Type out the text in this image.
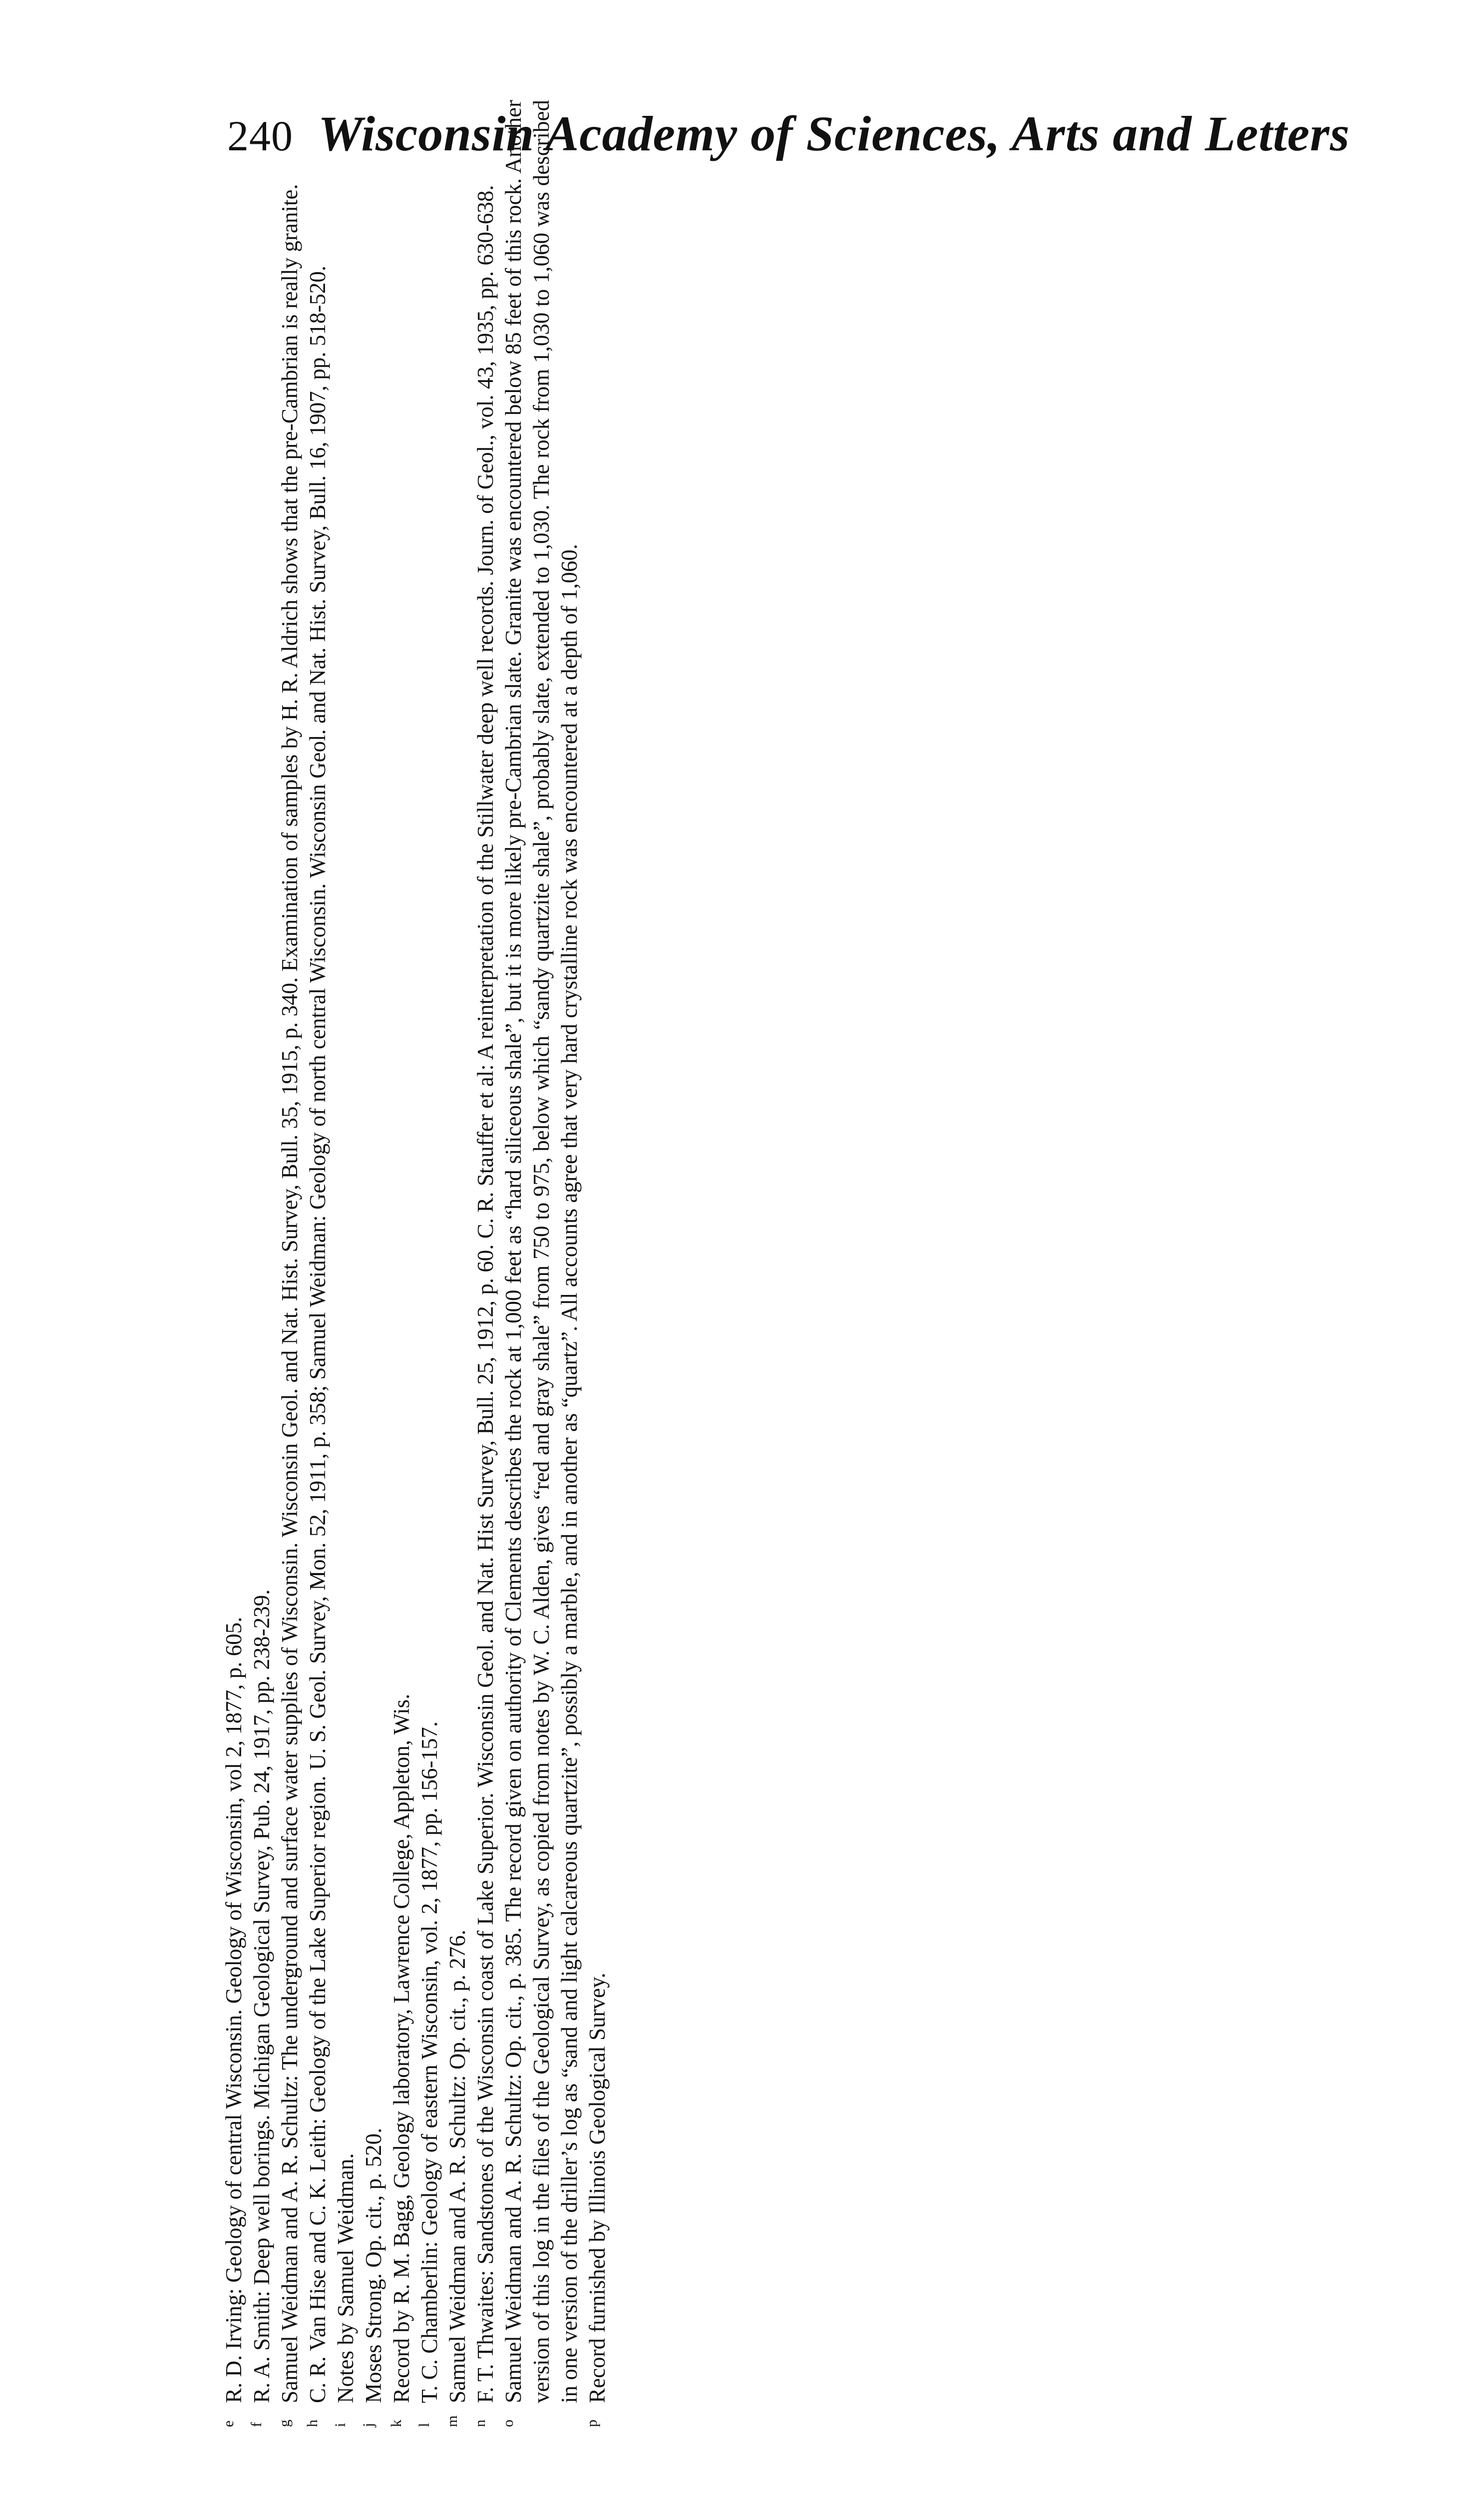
240 Wisconsin Academy of Sciences, Arts and Letters

eR. D. Irving: Geology of central Wisconsin. Geology of Wisconsin, vol 2, 1877, p. 605.

fR. A. Smith: Deep well borings. Michigan Geological Survey, Pub. 24, 1917, pp. 238-239.

gSamuel Weidman and A. R. Schultz: The underground and surface water supplies of Wisconsin. Wisconsin Geol. and Nat. Hist. Survey, Bull. 35, 1915, p. 340. Examination of samples by H. R. Aldrich shows that the pre-Cambrian is really granite.

hC. R. Van Hise and C. K. Leith: Geology of the Lake Superior region. U. S. Geol. Survey, Mon. 52, 1911, p. 358; Samuel Weidman: Geology of north central Wisconsin. Wisconsin Geol. and Nat. Hist. Survey, Bull. 16, 1907, pp. 518-520.

iNotes by Samuel Weidman.

jMoses Strong. Op. cit., p. 520.

kRecord by R. M. Bagg, Geology laboratory, Lawrence College, Appleton, Wis.

lT. C. Chamberlin: Geology of eastern Wisconsin, vol. 2, 1877, pp. 156-157.

mSamuel Weidman and A. R. Schultz: Op. cit., p. 276.

nF. T. Thwaites: Sandstones of the Wisconsin coast of Lake Superior. Wisconsin Geol. and Nat. Hist Survey, Bull. 25, 1912, p. 60. C. R. Stauffer et al: A reinterpretation of the Stillwater deep well records. Journ. of Geol., vol. 43, 1935, pp. 630-638.

oSamuel Weidman and A. R. Schultz: Op. cit., p. 385. The record given on authority of Clements describes the rock at 1,000 feet as “hard siliceous shale”, but it is more likely pre-Cambrian slate. Granite was encountered below 85 feet of this rock. Another version of this log in the files of the Geological Survey, as copied from notes by W. C. Alden, gives “red and gray shale” from 750 to 975, below which “sandy quartzite shale”, probably slate, extended to 1,030. The rock from 1,030 to 1,060 was described in one version of the driller’s log as “sand and light calcareous quartzite”, possibly a marble, and in another as “quartz”. All accounts agree that very hard crystalline rock was encountered at a depth of 1,060.

pRecord furnished by Illinois Geological Survey.
